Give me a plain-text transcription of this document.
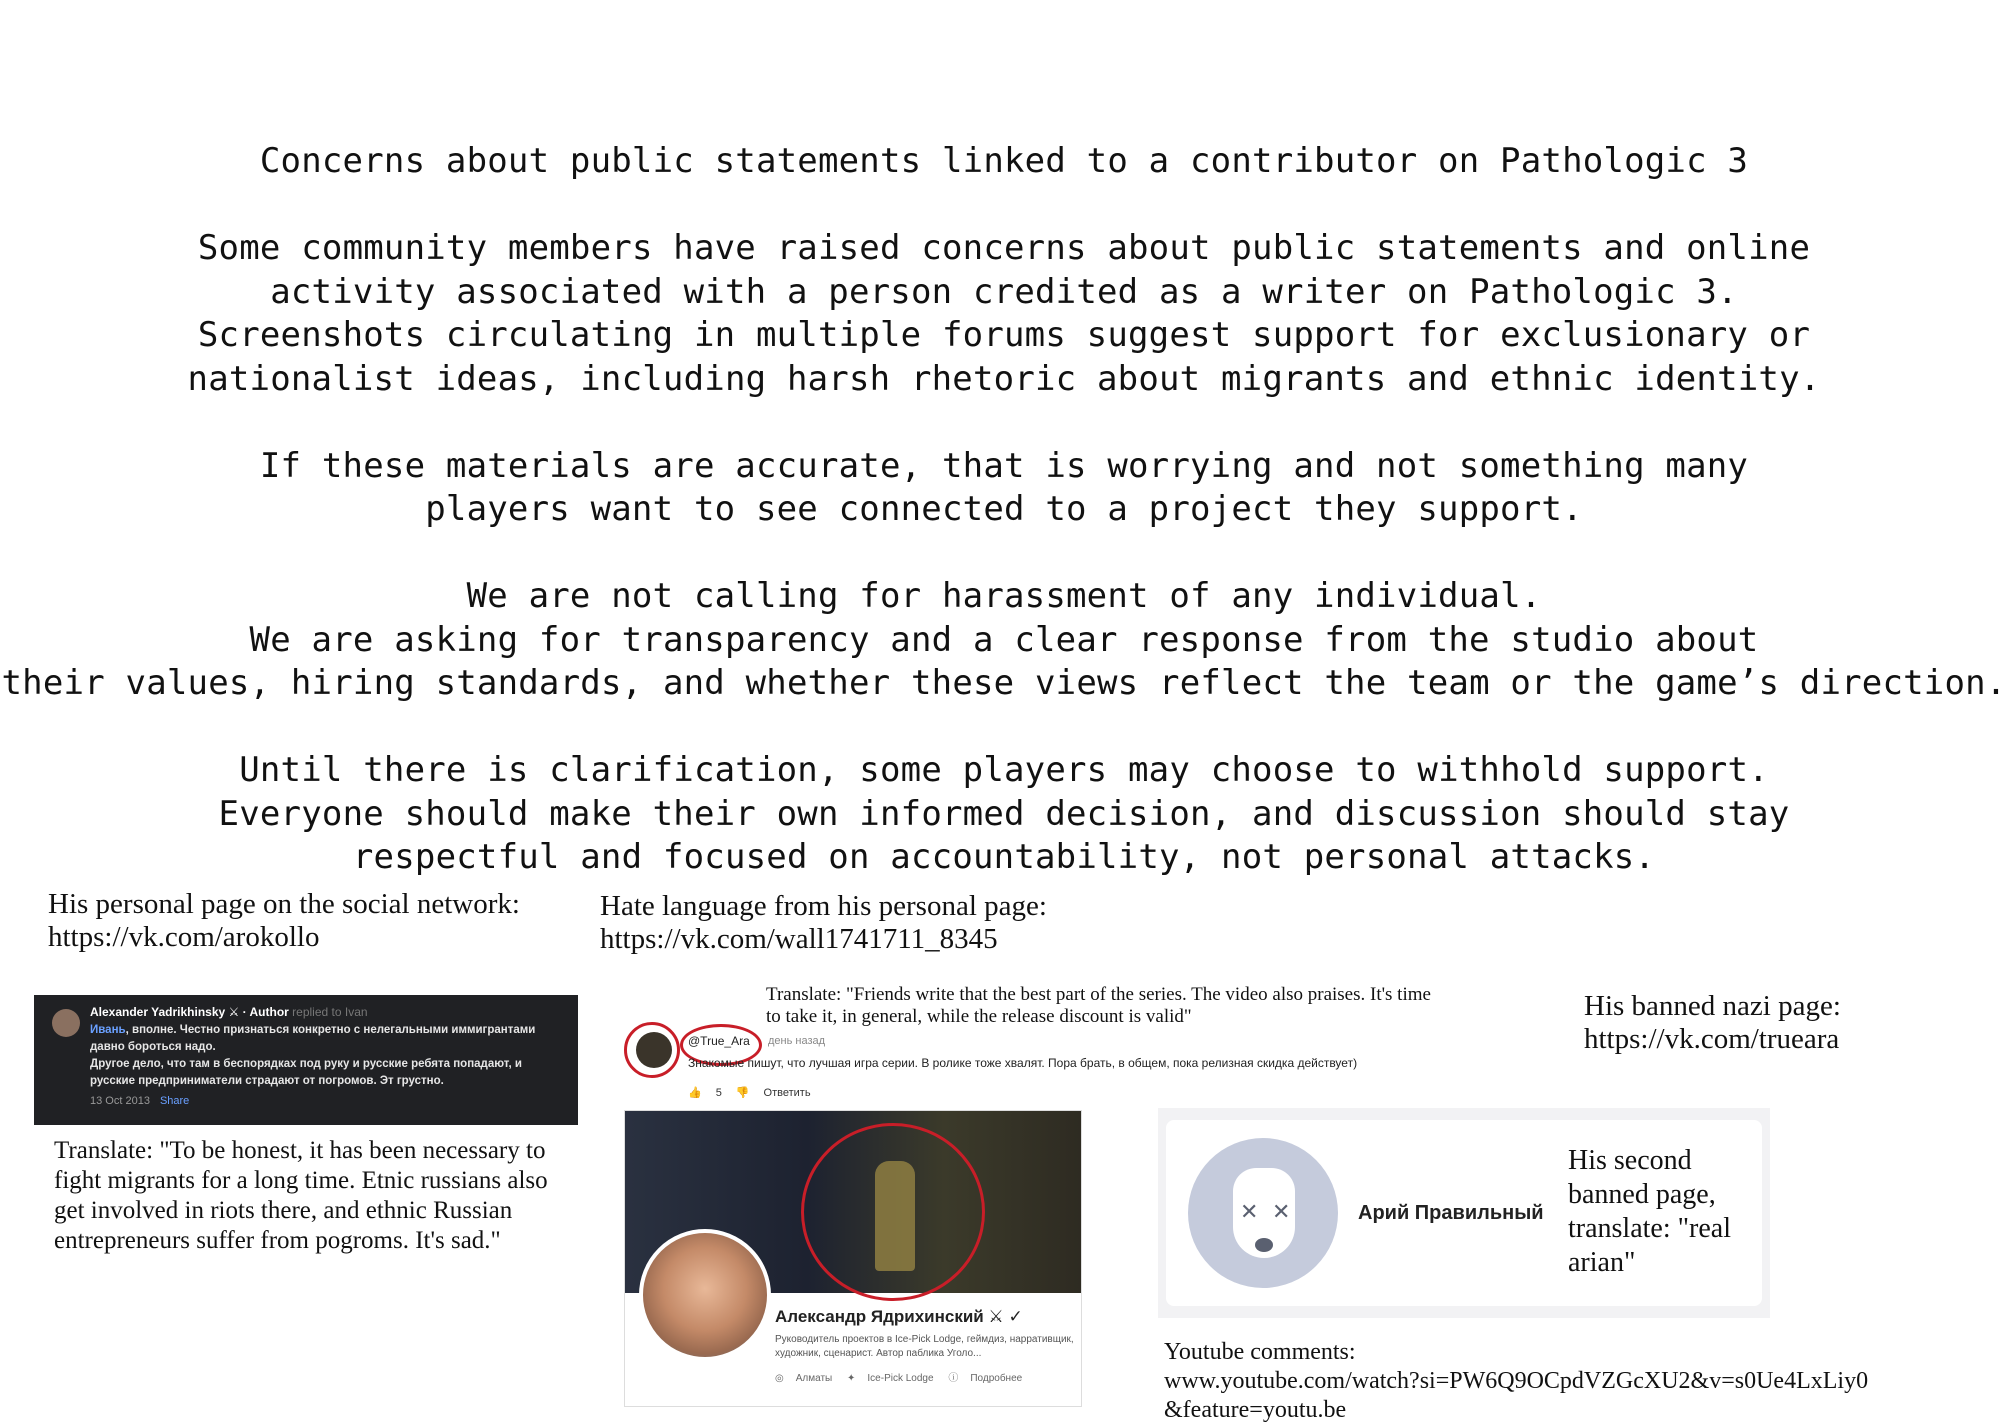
Concerns about public statements linked to a contributor on Pathologic 3
Some community members have raised concerns about public statements and online
activity associated with a person credited as a writer on Pathologic 3.
Screenshots circulating in multiple forums suggest support for exclusionary or
nationalist ideas, including harsh rhetoric about migrants and ethnic identity.
If these materials are accurate, that is worrying and not something many
players want to see connected to a project they support.
We are not calling for harassment of any individual.
We are asking for transparency and a clear response from the studio about
their values, hiring standards, and whether these views reflect the team or the game’s direction.
Until there is clarification, some players may choose to withhold support.
Everyone should make their own informed decision, and discussion should stay
respectful and focused on accountability, not personal attacks.
His personal page on the social network:
https://vk.com/arokollo
Hate language from his personal page:
https://vk.com/wall1741711_8345
Translate: "Friends write that the best part of the series. The video also praises. It's time to take it, in general, while the release discount is valid"	His banned nazi page:
https://vk.com/trueara
Alexander Yadrikhinsky ⚔ · Author replied to Ivan
Ивань, вполне. Честно признаться конкретно с нелегальными иммигрантами давно бороться надо.
Другое дело, что там в беспорядках под руку и русские ребята попадают, и русские предприниматели страдают от погромов. Эт грустно.
13 Oct 2013 Share
Translate: "To be honest, it has been necessary to fight migrants for a long time. Etnic russians also get involved in riots there, and ethnic Russian entrepreneurs suffer from pogroms. It's sad."
@True_Ara день назад
Знакомые пишут, что лучшая игра серии. В ролике тоже хвалят. Пора брать, в общем, пока релизная скидка действует)
👍 5 👎 Ответить
Александр Ядрихинский ⚔ ✓
Руководитель проектов в Ice-Pick Lodge, геймдиз, нарративщик, художник, сценарист. Автор паблика Уголо...
◎ Алматы ✦ Ice-Pick Lodge ⓘ Подробнее
✕ ✕	Арий Правильный
His second banned page, translate: "real arian"
Youtube comments:
www.youtube.com/watch?si=PW6Q9OCpdVZGcXU2&v=s0Ue4LxLiy0
&feature=youtu.be
